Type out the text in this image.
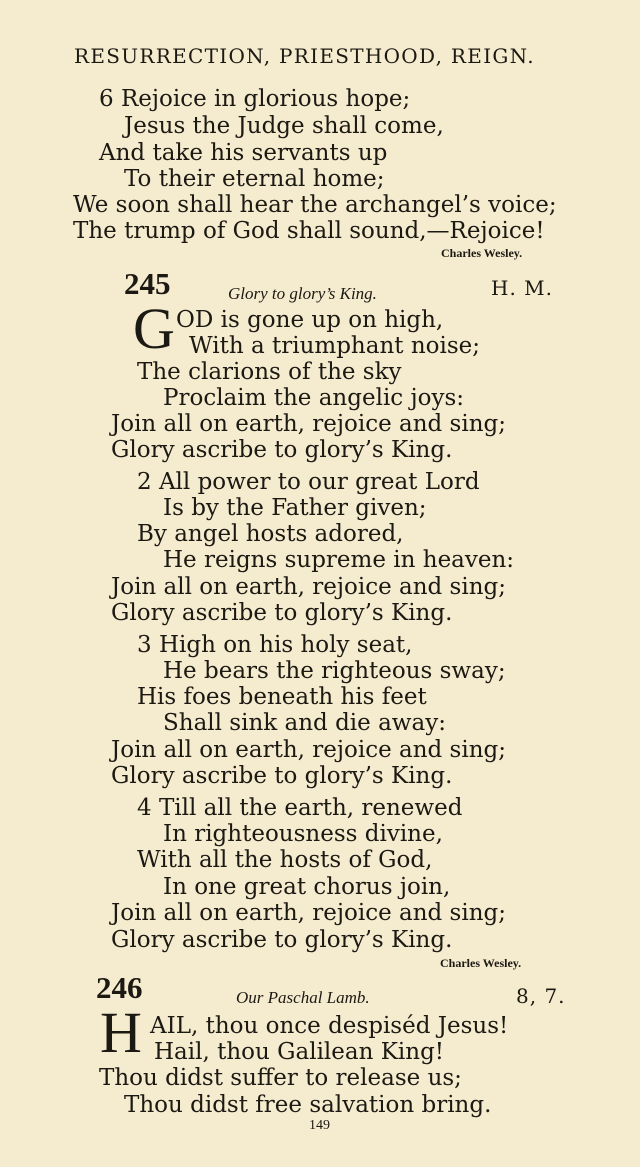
RESURRECTION, PRIESTHOOD, REIGN.
6 Rejoice in glorious hope;
Jesus the Judge shall come,
And take his servants up
To their eternal home;
We soon shall hear the archangel’s voice;
The trump of God shall sound,—Rejoice!
Charles Wesley.
245	Glory to glory’s King.	H. M.
G OD is gone up on high,
With a triumphant noise;
The clarions of the sky
Proclaim the angelic joys:
Join all on earth, rejoice and sing;
Glory ascribe to glory’s King.
2 All power to our great Lord
Is by the Father given;
By angel hosts adored,
He reigns supreme in heaven:
Join all on earth, rejoice and sing;
Glory ascribe to glory’s King.
3 High on his holy seat,
He bears the righteous sway;
His foes beneath his feet
Shall sink and die away:
Join all on earth, rejoice and sing;
Glory ascribe to glory’s King.
4 Till all the earth, renewed
In righteousness divine,
With all the hosts of God,
In one great chorus join,
Join all on earth, rejoice and sing;
Glory ascribe to glory’s King.
Charles Wesley.
246	Our Paschal Lamb.	8, 7.
H AIL, thou once despiséd Jesus!
Hail, thou Galilean King!
Thou didst suffer to release us;
Thou didst free salvation bring.
149
